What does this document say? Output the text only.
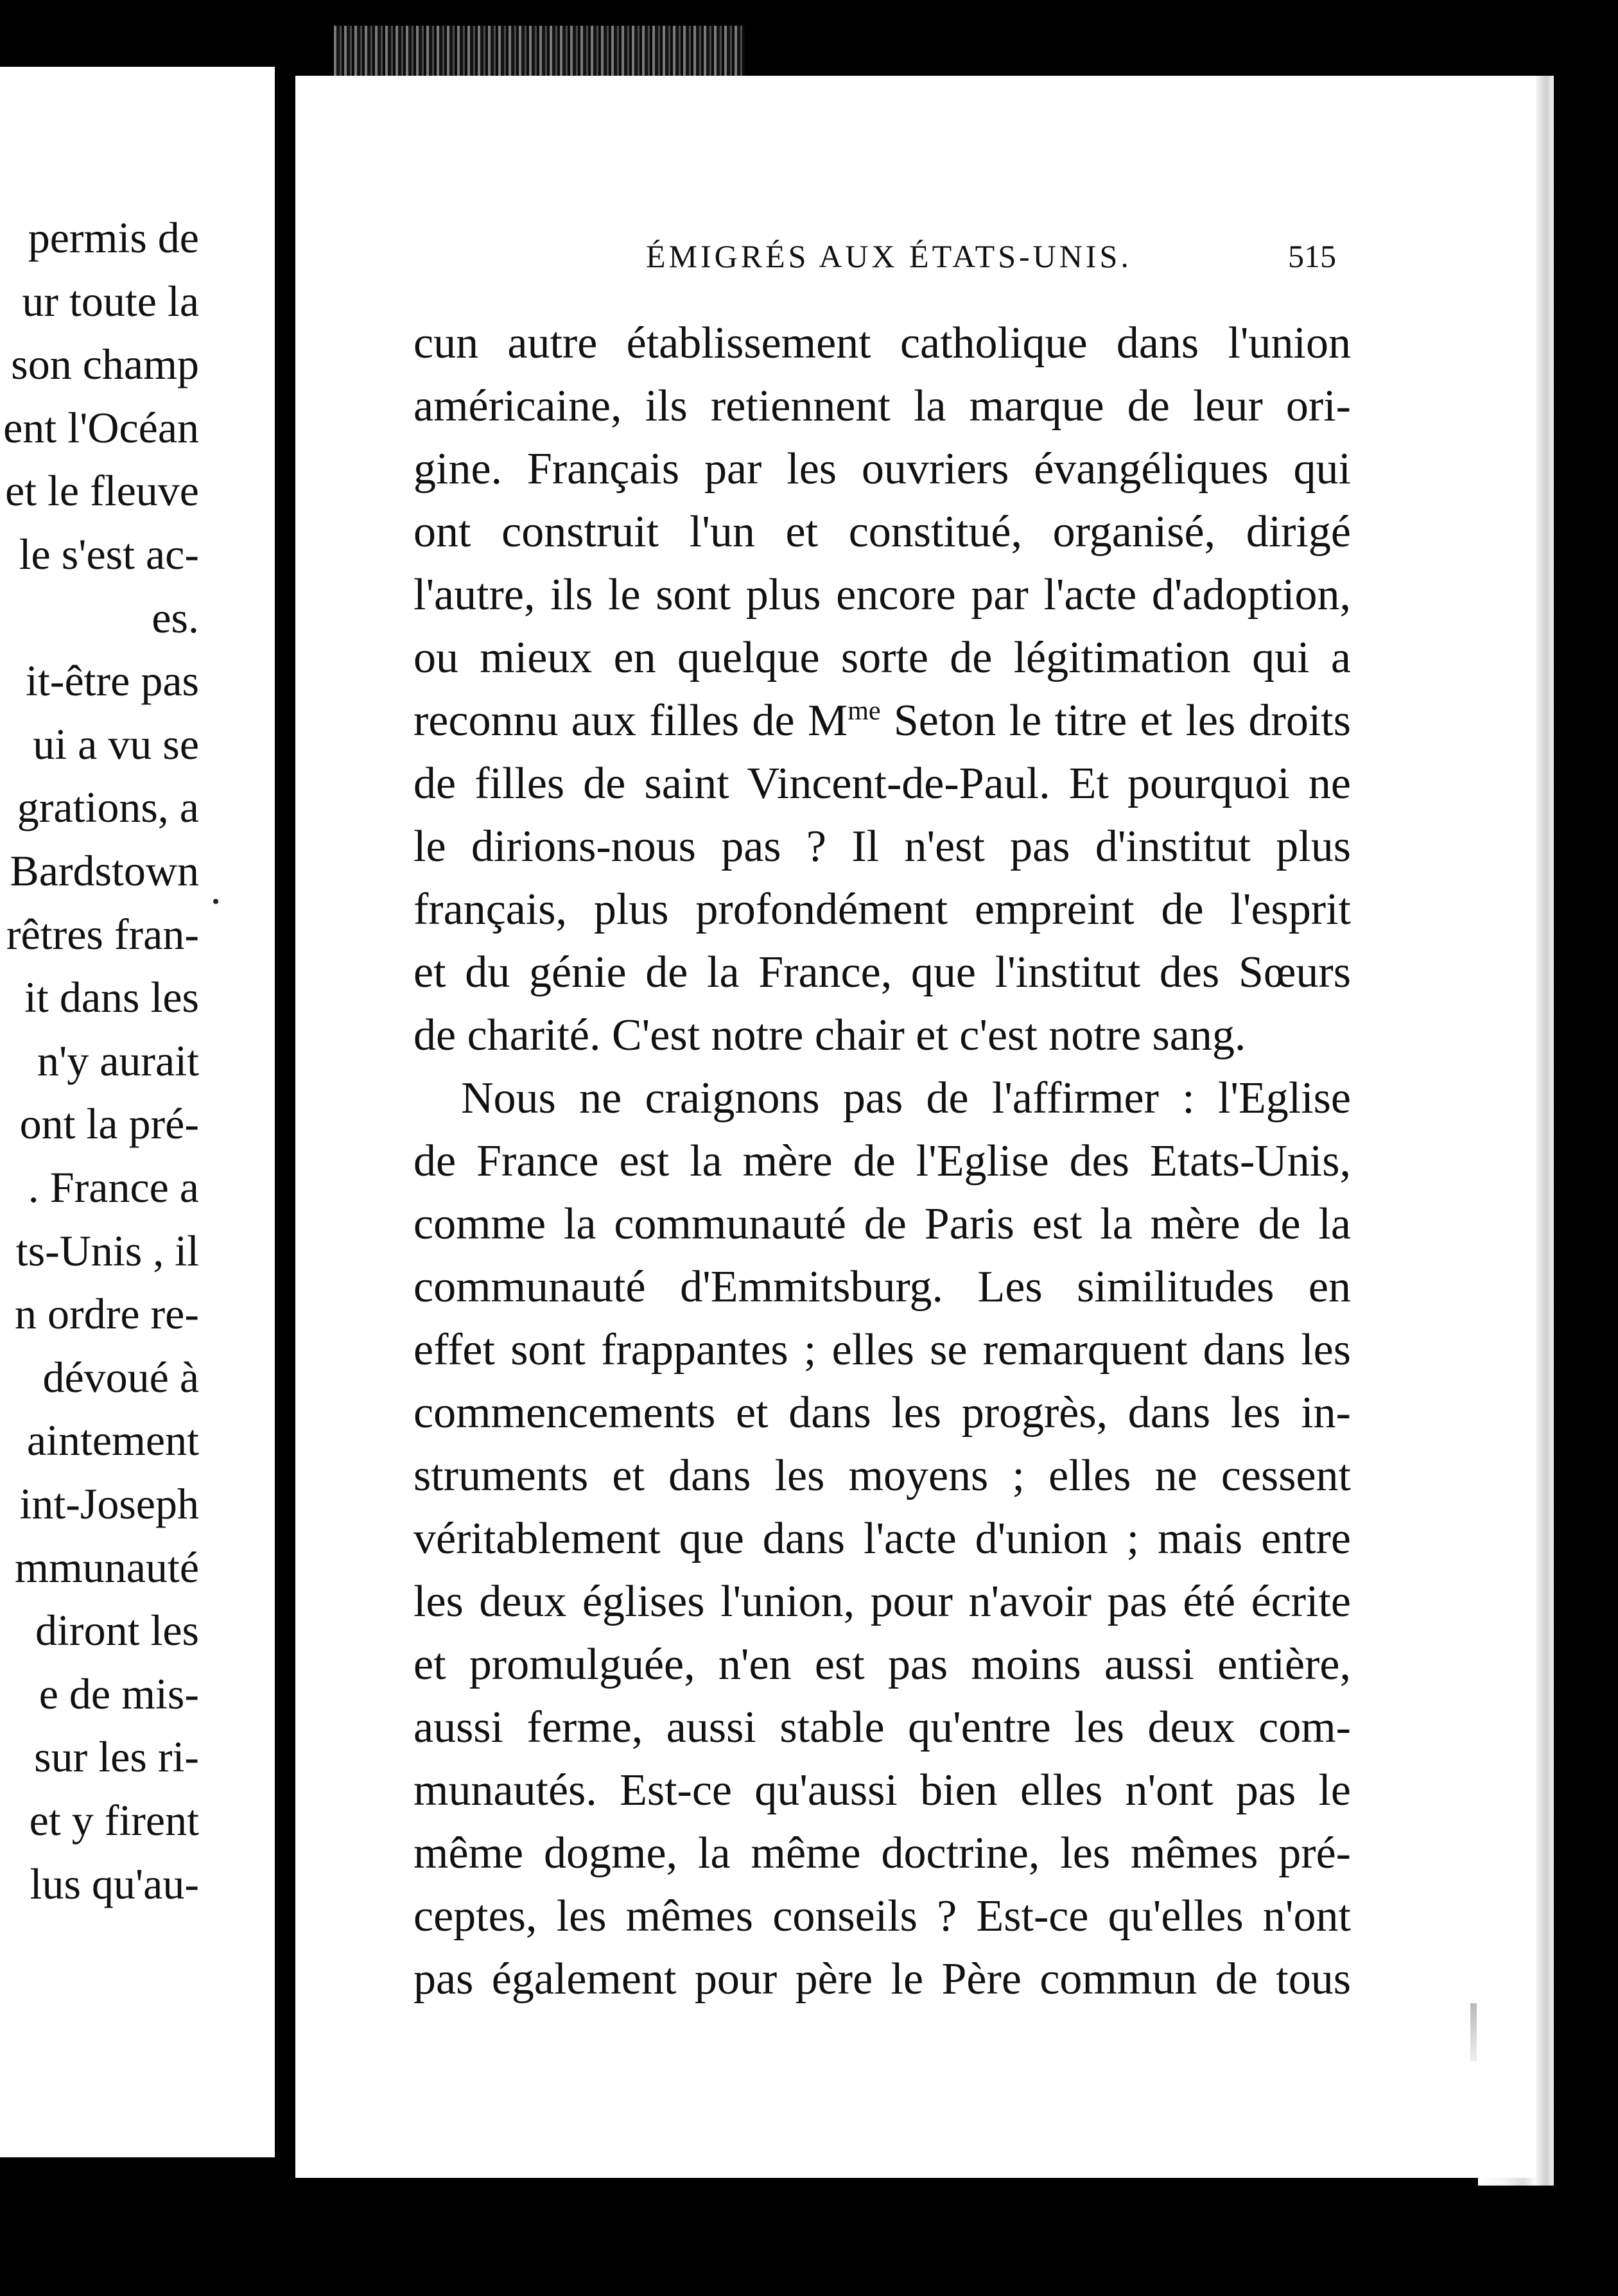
permis de
ur toute la
son champ
ent l'Océan
et le fleuve
le s'est ac-
es.
it-être pas
ui a vu se
grations, a
Bardstown
rêtres fran-
it dans les
n'y aurait
ont la pré-
. France a
ts-Unis , il
n ordre re-
dévoué à
aintement
int-Joseph
mmunauté
diront les
e de mis-
sur les ri-
et y firent
lus qu'au-
ÉMIGRÉS AUX ÉTATS-UNIS.	515
cun autre établissement catholique dans l'union
américaine, ils retiennent la marque de leur ori-
gine. Français par les ouvriers évangéliques qui
ont construit l'un et constitué, organisé, dirigé
l'autre, ils le sont plus encore par l'acte d'adoption,
ou mieux en quelque sorte de légitimation qui a
reconnu aux filles de $M^{me}$ Seton le titre et les droits
de filles de saint Vincent-de-Paul. Et pourquoi ne
le dirions-nous pas ? Il n'est pas d'institut plus
français, plus profondément empreint de l'esprit
et du génie de la France, que l'institut des Sœurs
de charité. C'est notre chair et c'est notre sang.
Nous ne craignons pas de l'affirmer : l'Eglise
de France est la mère de l'Eglise des Etats-Unis,
comme la communauté de Paris est la mère de la
communauté d'Emmitsburg. Les similitudes en
effet sont frappantes ; elles se remarquent dans les
commencements et dans les progrès, dans les in-
struments et dans les moyens ; elles ne cessent
véritablement que dans l'acte d'union ; mais entre
les deux églises l'union, pour n'avoir pas été écrite
et promulguée, n'en est pas moins aussi entière,
aussi ferme, aussi stable qu'entre les deux com-
munautés. Est-ce qu'aussi bien elles n'ont pas le
même dogme, la même doctrine, les mêmes pré-
ceptes, les mêmes conseils ? Est-ce qu'elles n'ont
pas également pour père le Père commun de tous
